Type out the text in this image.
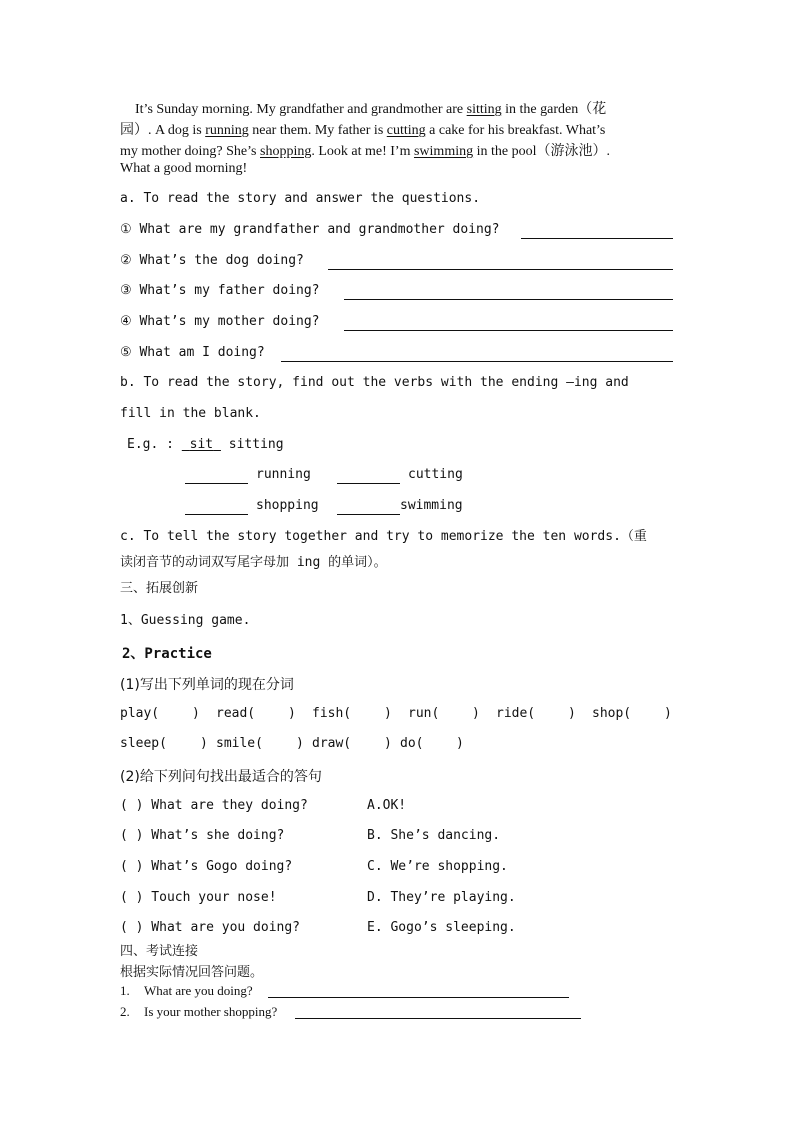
It’s Sunday morning. My grandfather and grandmother are sitting in the garden（花
园）. A dog is running near them. My father is cutting a cake for his breakfast. What’s
my mother doing? She’s shopping. Look at me! I’m swimming in the pool（游泳池）.
What a good morning!
a. To read the story and answer the questions.
① What are my grandfather and grandmother doing?
② What’s the dog doing?
③ What’s my father doing?
④ What’s my mother doing?
⑤ What am I doing?
b. To read the story, find out the verbs with the ending –ing and
fill in the blank.
E.g. :  sit sitting
running	cutting
shopping	swimming
c. To tell the story together and try to memorize the ten words.（重
读闭音节的动词双写尾字母加 ing 的单词）。
三、拓展创新
1、Guessing game.
2、Practice
(1)写出下列单词的现在分词
play(	) read(	) fish(	) run(	) ride(	) shop(	)
sleep(	) smile(	) draw(	) do(	)
(2)给下列问句找出最适合的答句
( ) What are they doing?	A.OK!
( ) What’s she doing?	B. She’s dancing.
( ) What’s Gogo doing?	C. We’re shopping.
( ) Touch your nose!	D. They’re playing.
( ) What are you doing?	E. Gogo’s sleeping.
四、考试连接
根据实际情况回答问题。
1. What are you doing?
2. Is your mother shopping?
